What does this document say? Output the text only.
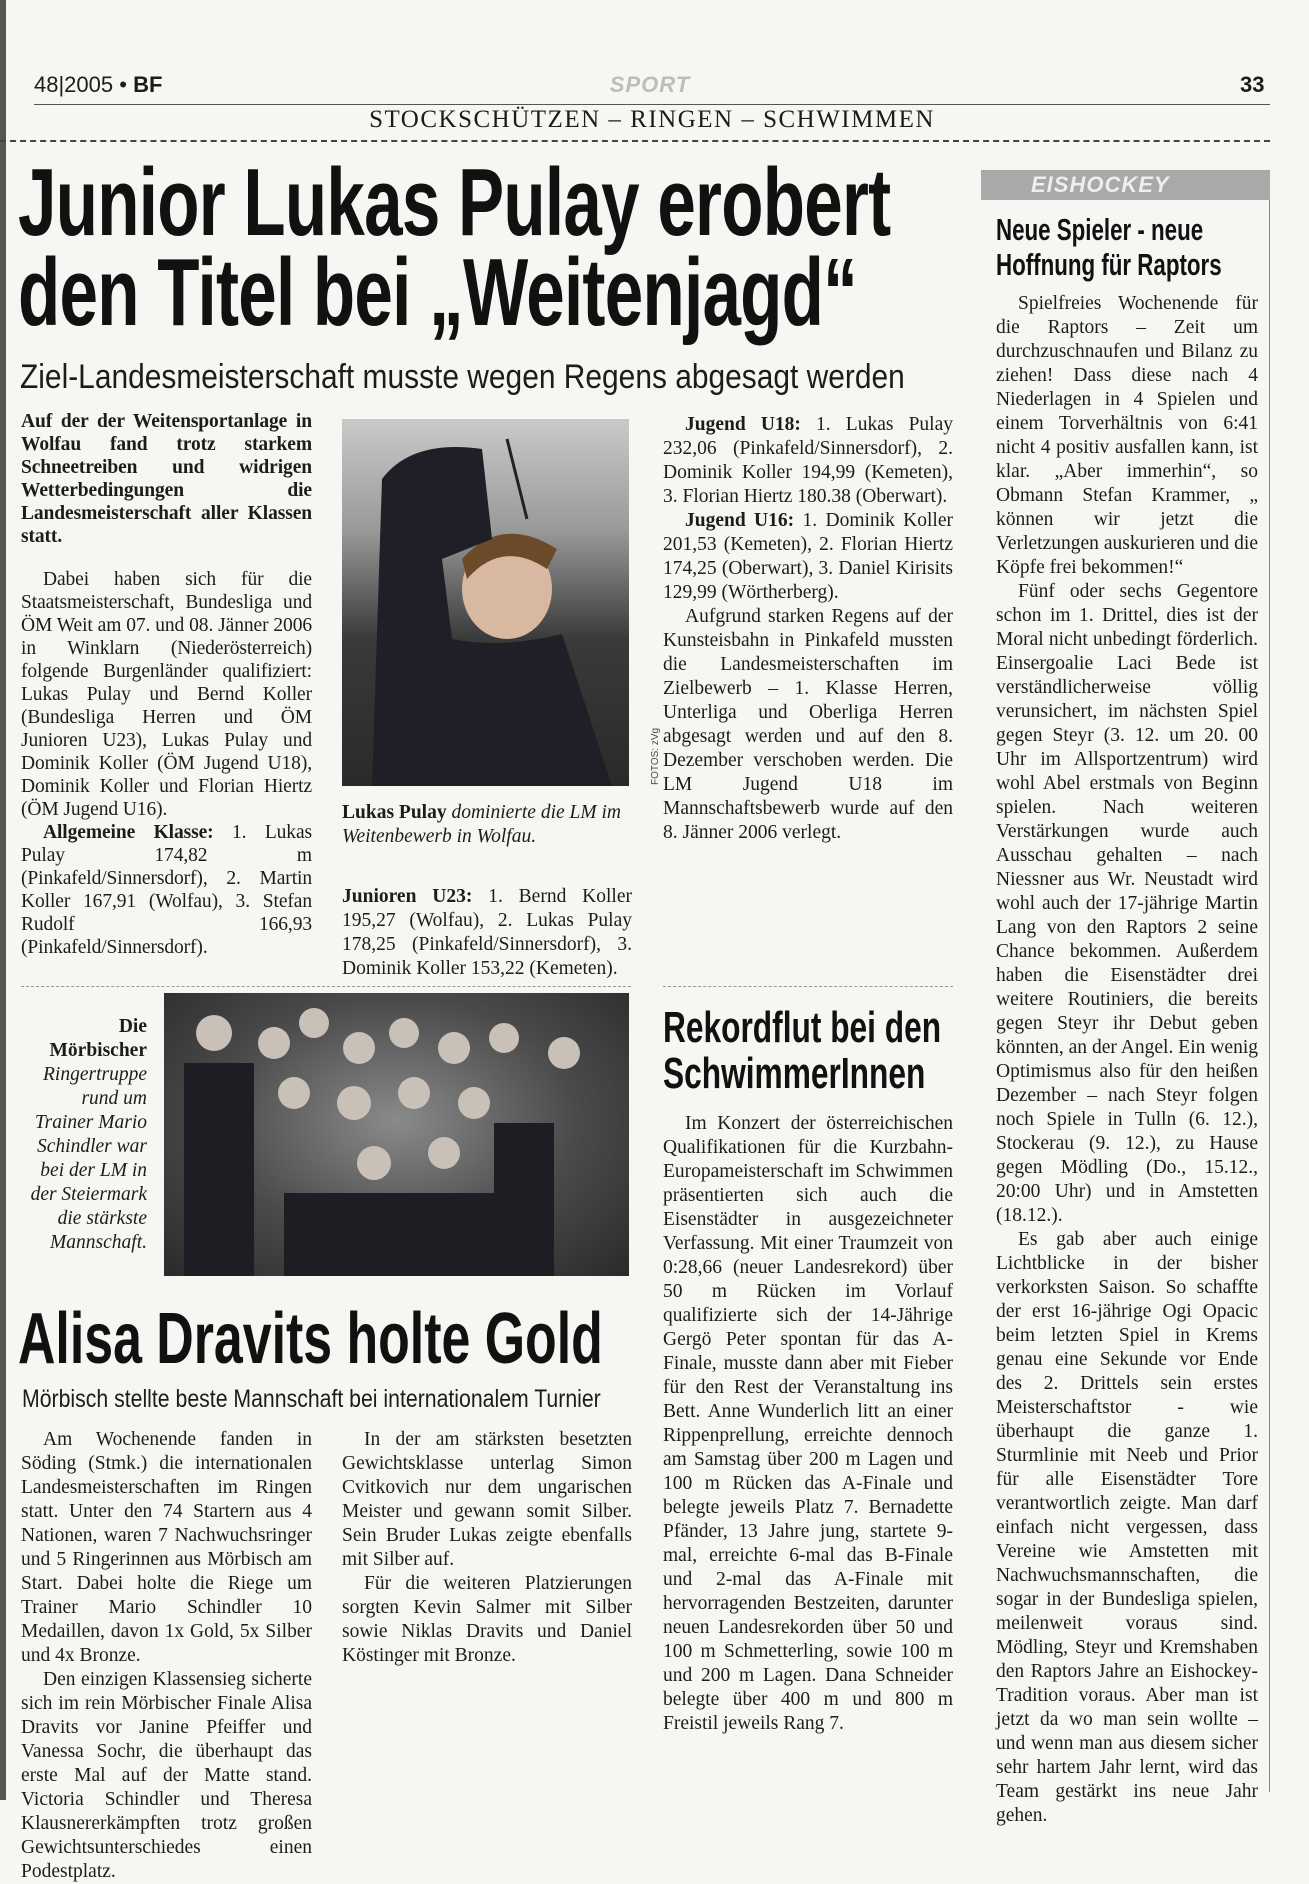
48|2005 • BF	SPORT	33
STOCKSCHÜTZEN – RINGEN – SCHWIMMEN
Junior Lukas Pulay erobert
den Titel bei „Weitenjagd“
Ziel-Landesmeisterschaft musste wegen Regens abgesagt werden

Auf der der Weitensportanlage in Wolfau fand trotz starkem Schneetreiben und widrigen Wetterbedingungen die Landesmeisterschaft aller Klassen statt.

Dabei haben sich für die Staatsmeisterschaft, Bundesliga und ÖM Weit am 07. und 08. Jänner 2006 in Winklarn (Niederösterreich) folgende Burgenländer qualifiziert: Lukas Pulay und Bernd Koller (Bundesliga Herren und ÖM Junioren U23), Lukas Pulay und Dominik Koller (ÖM Jugend U18), Dominik Koller und Florian Hiertz (ÖM Jugend U16).

Allgemeine Klasse: 1. Lukas Pulay 174,82 m (Pinkafeld/Sinnersdorf), 2. Martin Koller 167,91 (Wolfau), 3. Stefan Rudolf 166,93 (Pinkafeld/Sinnersdorf).

FOTOS: zVg
Lukas Pulay dominierte die LM im Weitenbewerb in Wolfau.

Junioren U23: 1. Bernd Koller 195,27 (Wolfau), 2. Lukas Pulay 178,25 (Pinkafeld/Sinnersdorf), 3. Dominik Koller 153,22 (Kemeten).

Jugend U18: 1. Lukas Pulay 232,06 (Pinkafeld/Sinnersdorf), 2. Dominik Koller 194,99 (Kemeten), 3. Florian Hiertz 180.38 (Oberwart).

Jugend U16: 1. Dominik Koller 201,53 (Kemeten), 2. Florian Hiertz 174,25 (Oberwart), 3. Daniel Kirisits 129,99 (Wörtherberg).

Aufgrund starken Regens auf der Kunsteisbahn in Pinkafeld mussten die Landesmeisterschaften im Zielbewerb – 1. Klasse Herren, Unterliga und Oberliga Herren abgesagt werden und auf den 8. Dezember verschoben werden. Die LM Jugend U18 im Mannschaftsbewerb wurde auf den 8. Jänner 2006 verlegt.

Die Mörbischer Ringertruppe rund um Trainer Mario Schindler war bei der LM in der Steiermark die stärkste Mannschaft.
Alisa Dravits holte Gold
Mörbisch stellte beste Mannschaft bei internationalem Turnier

Am Wochenende fanden in Söding (Stmk.) die internationalen Landesmeisterschaften im Ringen statt. Unter den 74 Startern aus 4 Nationen, waren 7 Nachwuchsringer und 5 Ringerinnen aus Mörbisch am Start. Dabei holte die Riege um Trainer Mario Schindler 10 Medaillen, davon 1x Gold, 5x Silber und 4x Bronze.

Den einzigen Klassensieg sicherte sich im rein Mörbischer Finale Alisa Dravits vor Janine Pfeiffer und Vanessa Sochr, die überhaupt das erste Mal auf der Matte stand. Victoria Schindler und Theresa Klausnererkämpften trotz großen Gewichtsunterschiedes einen Podestplatz.

In der am stärksten besetzten Gewichtsklasse unterlag Simon Cvitkovich nur dem ungarischen Meister und gewann somit Silber. Sein Bruder Lukas zeigte ebenfalls mit Silber auf.

Für die weiteren Platzierungen sorgten Kevin Salmer mit Silber sowie Niklas Dravits und Daniel Köstinger mit Bronze.

Rekordflut bei den
SchwimmerInnen

Im Konzert der österreichischen Qualifikationen für die Kurzbahn-Europameisterschaft im Schwimmen präsentierten sich auch die Eisenstädter in ausgezeichneter Verfassung. Mit einer Traumzeit von 0:28,66 (neuer Landesrekord) über 50 m Rücken im Vorlauf qualifizierte sich der 14-Jährige Gergö Peter spontan für das A-Finale, musste dann aber mit Fieber für den Rest der Veranstaltung ins Bett. Anne Wunderlich litt an einer Rippenprellung, erreichte dennoch am Samstag über 200 m Lagen und 100 m Rücken das A-Finale und belegte jeweils Platz 7. Bernadette Pfänder, 13 Jahre jung, startete 9-mal, erreichte 6-mal das B-Finale und 2-mal das A-Finale mit hervorragenden Bestzeiten, darunter neuen Landesrekorden über 50 und 100 m Schmetterling, sowie 100 m und 200 m Lagen. Dana Schneider belegte über 400 m und 800 m Freistil jeweils Rang 7.

EISHOCKEY
Neue Spieler - neue
Hoffnung für Raptors

Spielfreies Wochenende für die Raptors – Zeit um durchzuschnaufen und Bilanz zu ziehen! Dass diese nach 4 Niederlagen in 4 Spielen und einem Torverhältnis von 6:41 nicht 4 positiv ausfallen kann, ist klar. „Aber immerhin“, so Obmann Stefan Krammer, „ können wir jetzt die Verletzungen auskurieren und die Köpfe frei bekommen!“

Fünf oder sechs Gegentore schon im 1. Drittel, dies ist der Moral nicht unbedingt förderlich. Einsergoalie Laci Bede ist verständlicherweise völlig verunsichert, im nächsten Spiel gegen Steyr (3. 12. um 20. 00 Uhr im Allsportzentrum) wird wohl Abel erstmals von Beginn spielen. Nach weiteren Verstärkungen wurde auch Ausschau gehalten – nach Niessner aus Wr. Neustadt wird wohl auch der 17-jährige Martin Lang von den Raptors 2 seine Chance bekommen. Außerdem haben die Eisenstädter drei weitere Routiniers, die bereits gegen Steyr ihr Debut geben könnten, an der Angel. Ein wenig Optimismus also für den heißen Dezember – nach Steyr folgen noch Spiele in Tulln (6. 12.), Stockerau (9. 12.), zu Hause gegen Mödling (Do., 15.12., 20:00 Uhr) und in Amstetten (18.12.).

Es gab aber auch einige Lichtblicke in der bisher verkorksten Saison. So schaffte der erst 16-jährige Ogi Opacic beim letzten Spiel in Krems genau eine Sekunde vor Ende des 2. Drittels sein erstes Meisterschaftstor - wie überhaupt die ganze 1. Sturmlinie mit Neeb und Prior für alle Eisenstädter Tore verantwortlich zeigte. Man darf einfach nicht vergessen, dass Vereine wie Amstetten mit Nachwuchsmannschaften, die sogar in der Bundesliga spielen, meilenweit voraus sind. Mödling, Steyr und Kremshaben den Raptors Jahre an Eishockey-Tradition voraus. Aber man ist jetzt da wo man sein wollte – und wenn man aus diesem sicher sehr hartem Jahr lernt, wird das Team gestärkt ins neue Jahr gehen.
